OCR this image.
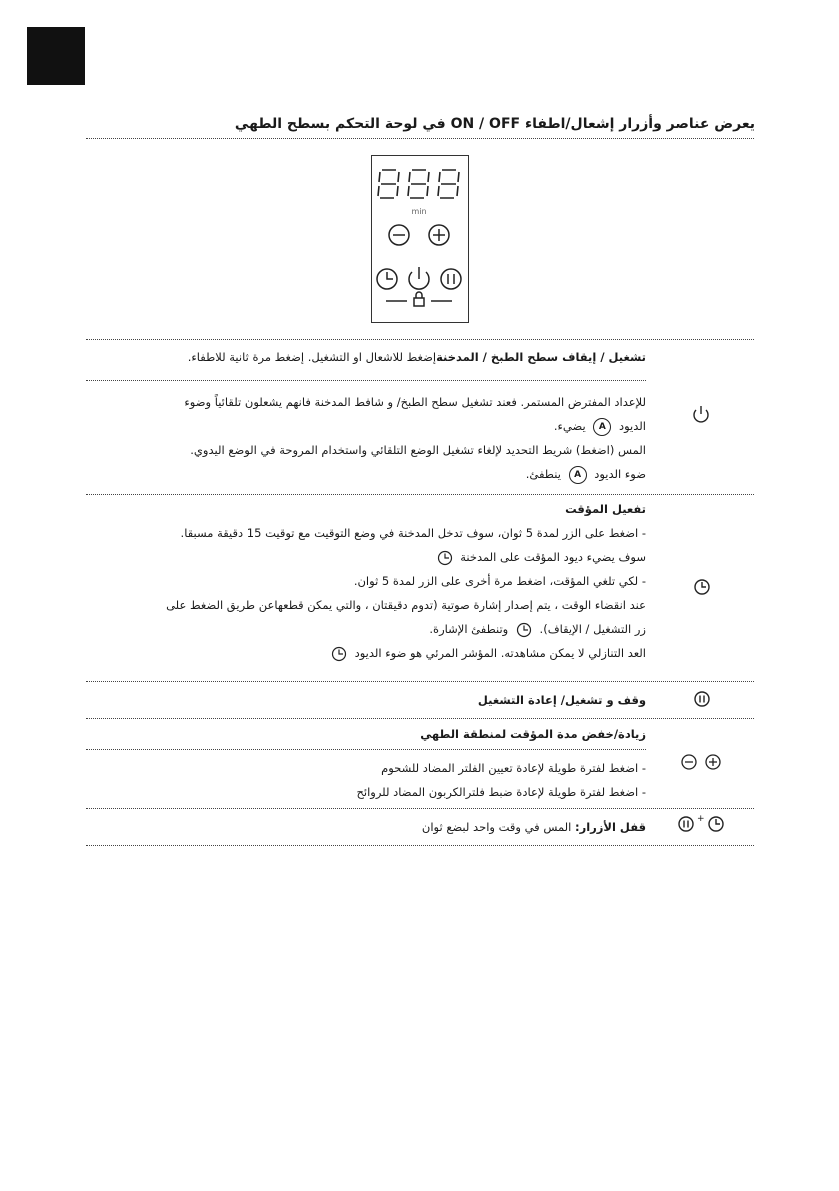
يعرض عناصر وأزرار إشعال/اطفاء ON / OFF في لوحة التحكم بسطح الطهي
min
تشغيل / إيقاف سطح الطبخ / المدخنةإضغط للاشعال او التشغيل. إضغط مرة ثانية للاطفاء.
للإعداد المفترض المستمر. فعند تشغيل سطح الطبخ/ و شافط المدخنة فانهم يشعلون تلقائياً وضوء
الديود A يضيء.
المس (اضغط) شريط التحديد لإلغاء تشغيل الوضع التلقائي واستخدام المروحة في الوضع اليدوي.
ضوء الديود A ينطفئ.
تفعيل المؤقت
- اضغط على الزر لمدة 5 ثوان، سوف تدخل المدخنة في وضع التوقيت مع توقيت 15 دقيقة مسبقا.
سوف يضيء ديود المؤقت على المدخنة
- لكي تلغي المؤقت، اضغط مرة أخرى على الزر لمدة 5 ثوان.
عند انقضاء الوقت ، يتم إصدار إشارة صوتية (تدوم دقيقتان ، والتي يمكن قطعهاعن طريق الضغط على
زر التشغيل / الإيقاف).  وتنطفئ الإشارة.
العد التنازلي لا يمكن مشاهدته. المؤشر المرئي هو ضوء الديود
وقف و تشغيل/ إعادة التشغيل
زيادة/خفض مدة المؤقت لمنطقة الطهي
- اضغط لفترة طويلة لإعادة تعيين الفلتر المضاد للشحوم
- اضغط لفترة طويلة لإعادة ضبط فلترالكربون المضاد للروائح
قفل الأزرار: المس في وقت واحد لبضع ثوان
+
